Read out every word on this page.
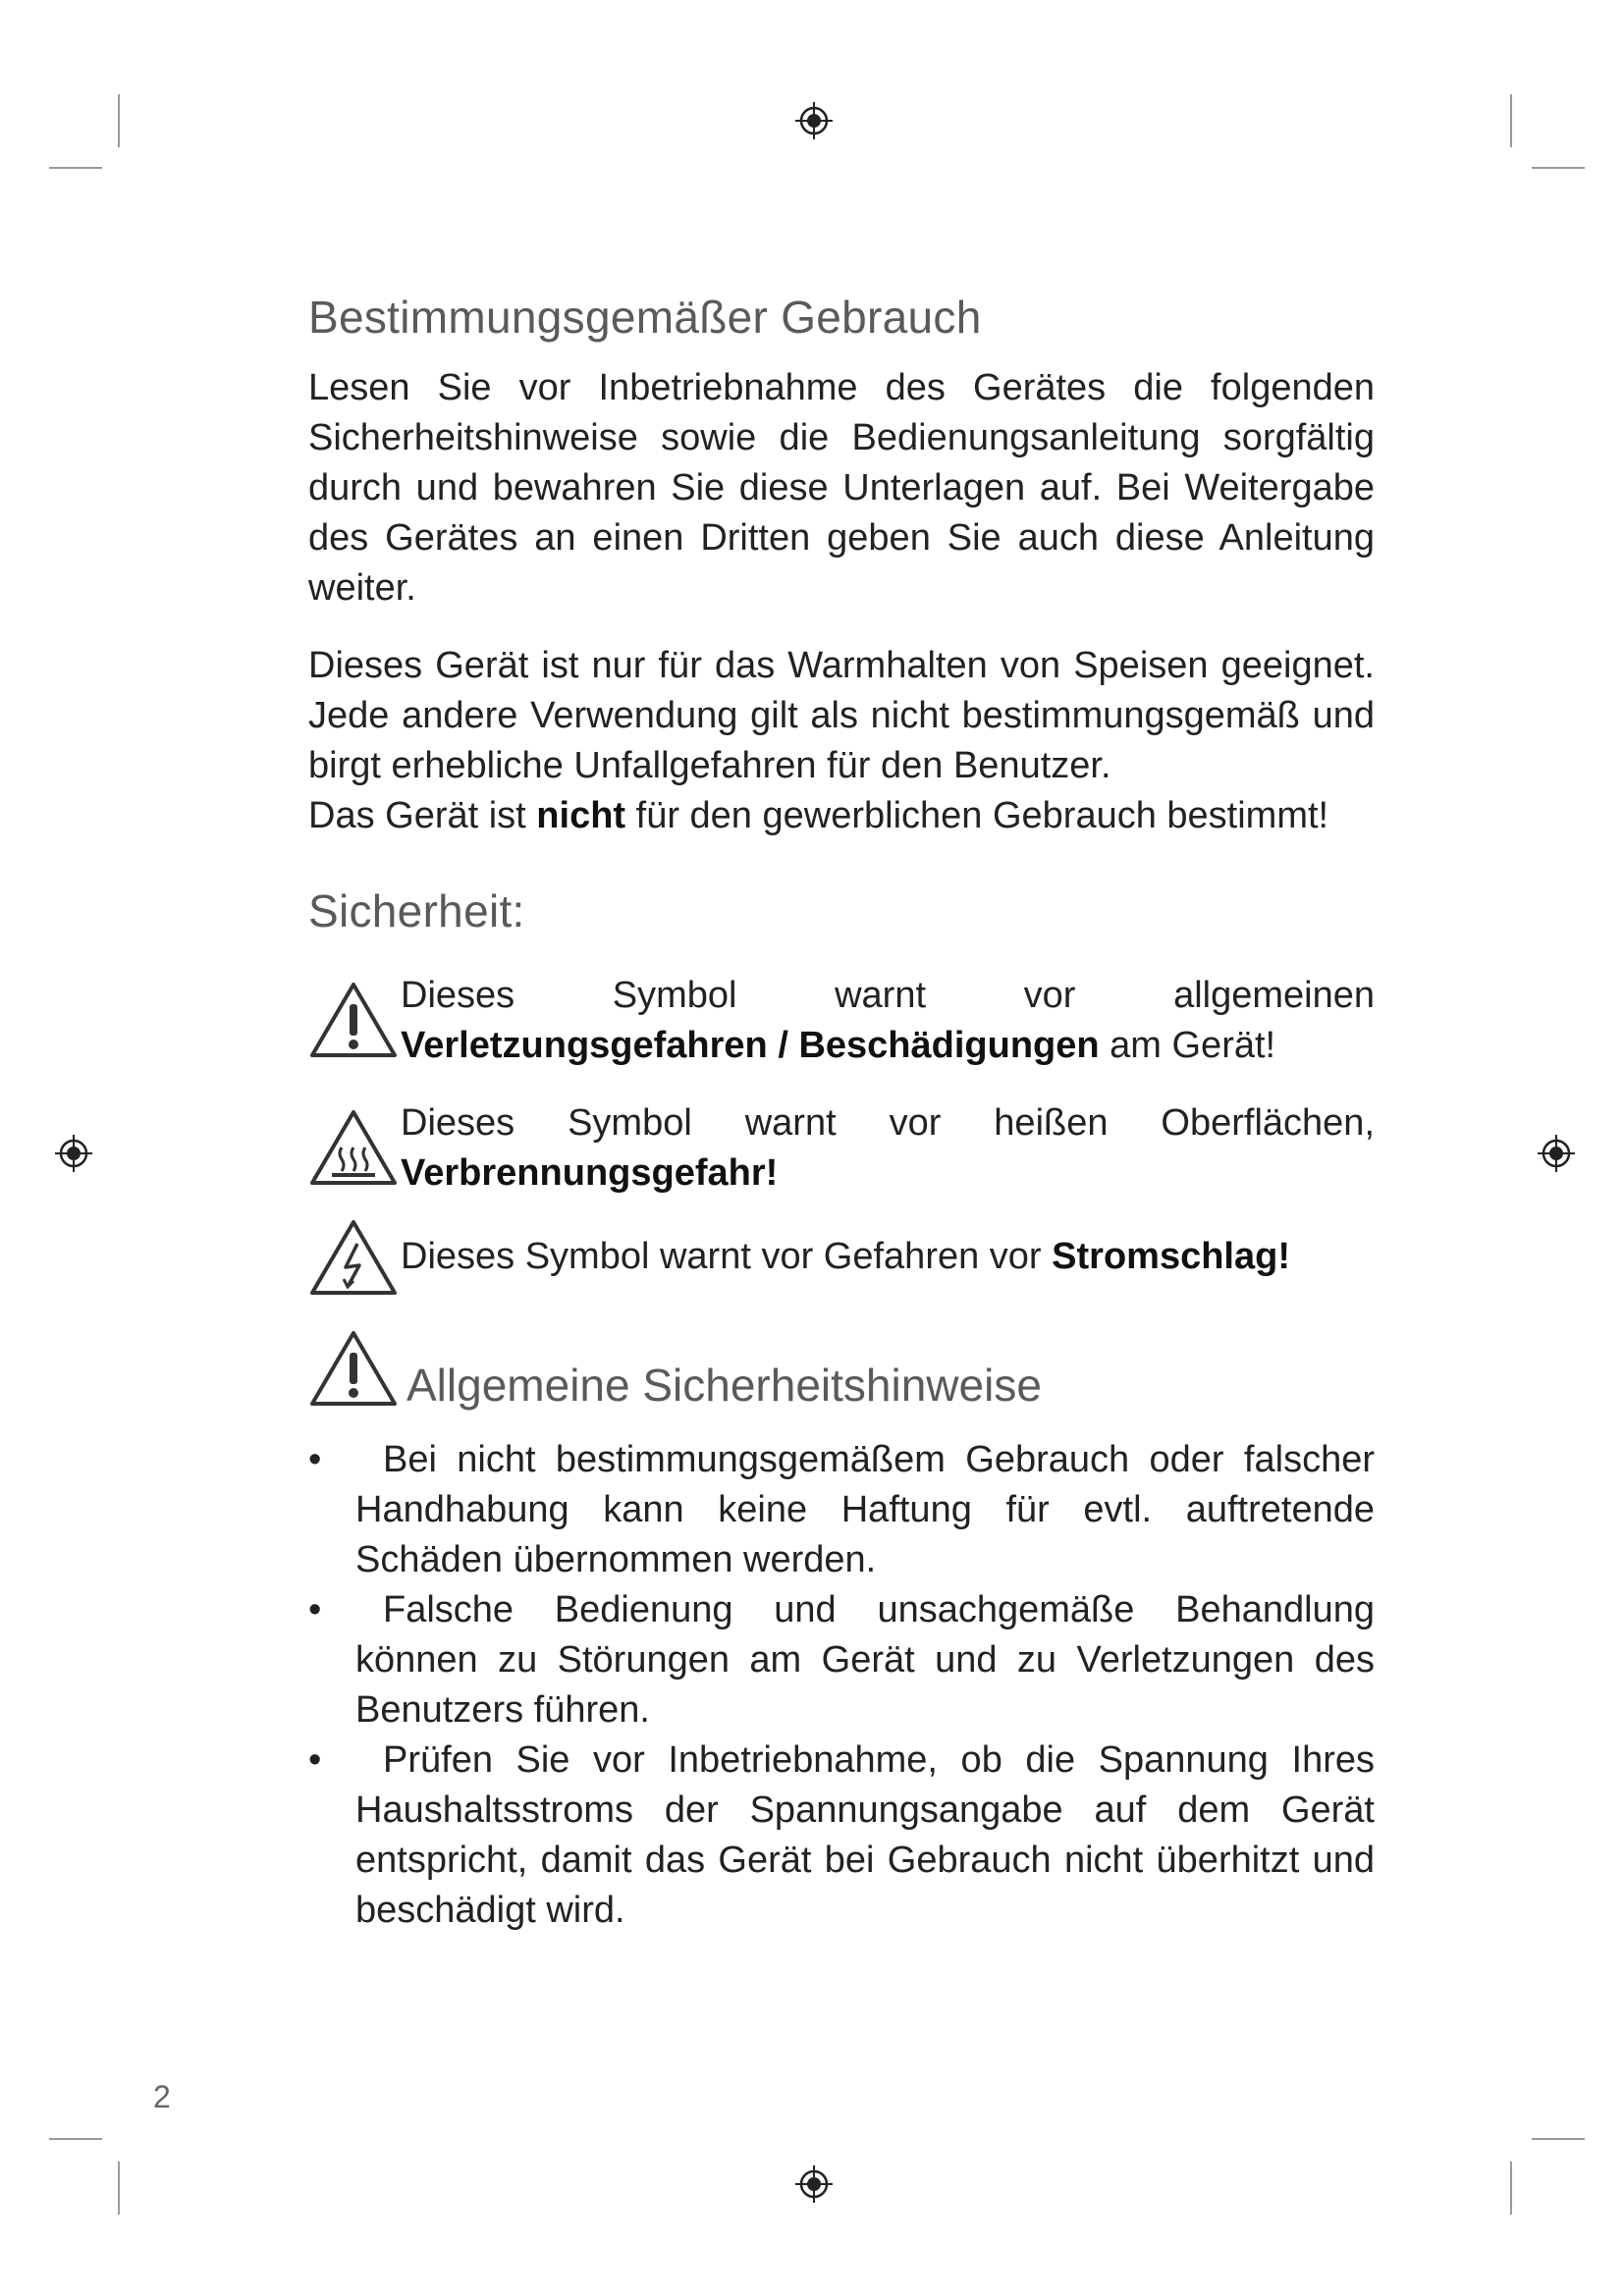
Bestimmungsgemäßer Gebrauch

Lesen Sie vor Inbetriebnahme des Gerätes die folgenden Sicherheitshinweise sowie die Bedienungsanleitung sorgfältig durch und bewahren Sie diese Unterlagen auf. Bei Weitergabe des Gerätes an einen Dritten geben Sie auch diese Anleitung weiter.

Dieses Gerät ist nur für das Warmhalten von Speisen geeignet. Jede andere Verwendung gilt als nicht bestimmungsgemäß und birgt erhebliche Unfallgefahren für den Benutzer.

Das Gerät ist nicht für den gewerblichen Gebrauch bestimmt!

Sicherheit:
Dieses Symbol warnt vor allgemeinen Verletzungsgefahren / Beschädigungen am Gerät!
Dieses Symbol warnt vor heißen Oberflächen, Verbrennungsgefahr!
Dieses Symbol warnt vor Gefahren vor Stromschlag!
Allgemeine Sicherheitshinweise
• Bei nicht bestimmungsgemäßem Gebrauch oder falscher Handhabung kann keine Haftung für evtl. auftretende Schäden übernommen werden.
• Falsche Bedienung und unsachgemäße Behandlung können zu Störungen am Gerät und zu Verletzungen des Benutzers führen.
• Prüfen Sie vor Inbetriebnahme, ob die Spannung Ihres Haushaltsstroms der Spannungsangabe auf dem Gerät entspricht, damit das Gerät bei Gebrauch nicht überhitzt und beschädigt wird.
2
